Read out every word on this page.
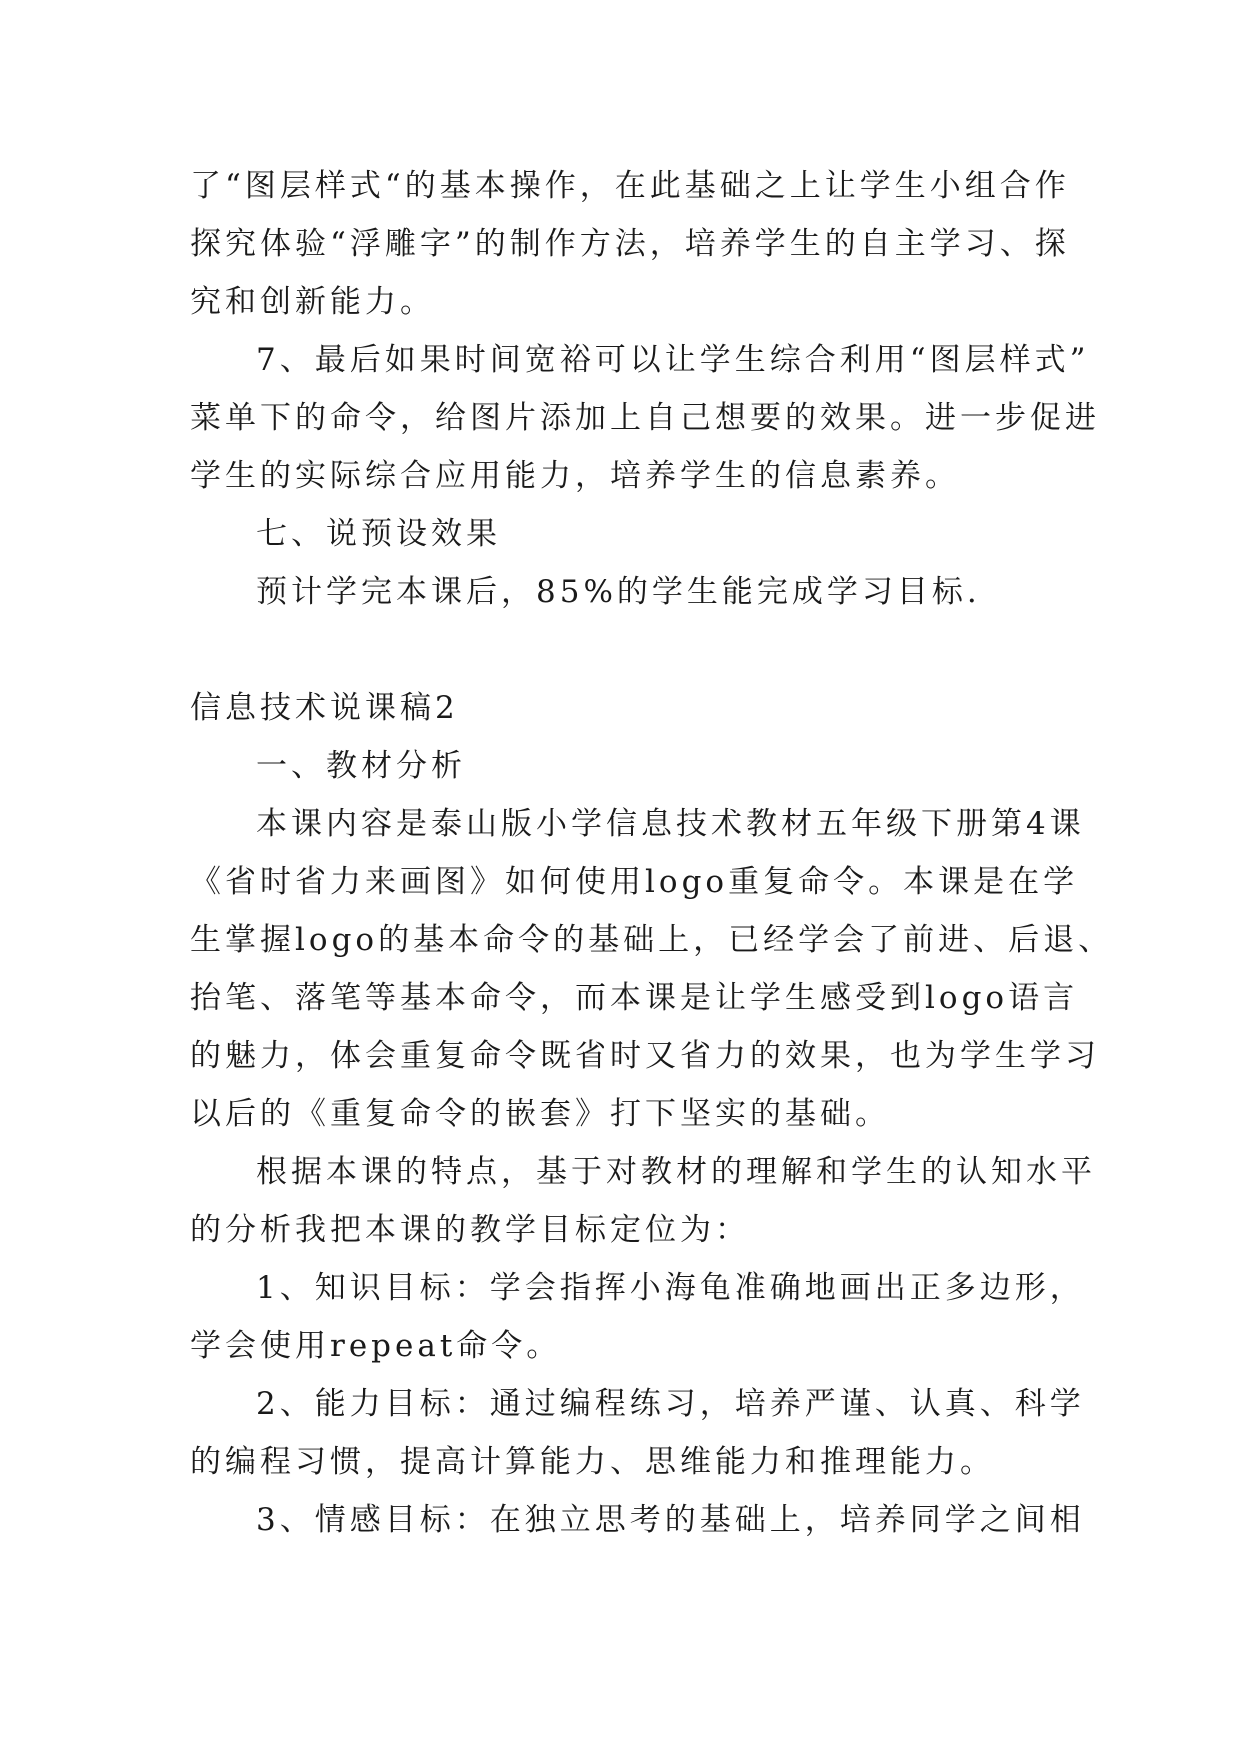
了“图层样式“的基本操作，在此基础之上让学生小组合作
探究体验“浮雕字”的制作方法，培养学生的自主学习、探
究和创新能力。
7、最后如果时间宽裕可以让学生综合利用“图层样式”
菜单下的命令，给图片添加上自己想要的效果。进一步促进
学生的实际综合应用能力，培养学生的信息素养。
七、说预设效果
预计学完本课后，85%的学生能完成学习目标.
信息技术说课稿2
一、教材分析
本课内容是泰山版小学信息技术教材五年级下册第4课
《省时省力来画图》如何使用logo重复命令。本课是在学
生掌握logo的基本命令的基础上，已经学会了前进、后退、
抬笔、落笔等基本命令，而本课是让学生感受到logo语言
的魅力，体会重复命令既省时又省力的效果，也为学生学习
以后的《重复命令的嵌套》打下坚实的基础。
根据本课的特点，基于对教材的理解和学生的认知水平
的分析我把本课的教学目标定位为：
1、知识目标：学会指挥小海龟准确地画出正多边形，
学会使用repeat命令。
2、能力目标：通过编程练习，培养严谨、认真、科学
的编程习惯，提高计算能力、思维能力和推理能力。
3、情感目标：在独立思考的基础上，培养同学之间相
